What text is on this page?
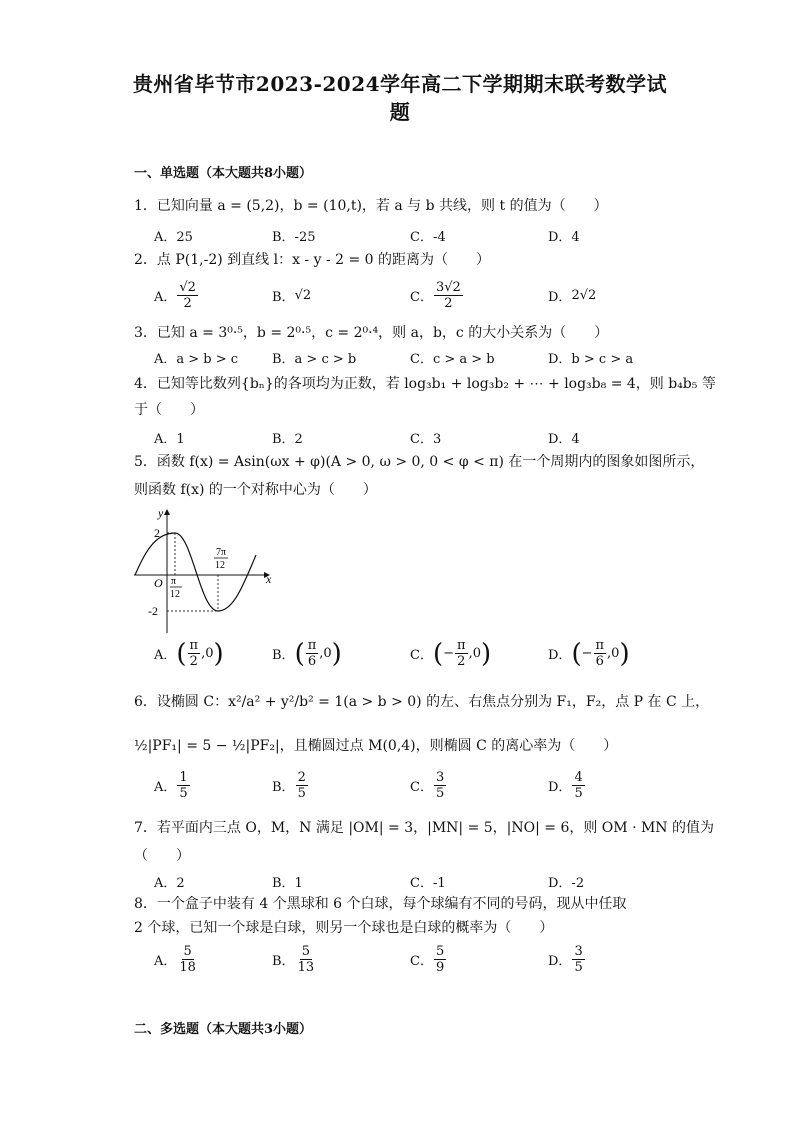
贵州省毕节市2023-2024学年高二下学期期末联考数学试
题
一、单选题（本大题共8小题）
1．已知向量 a = (5,2)，b = (10,t)，若 a 与 b 共线，则 t 的值为（　　）
A．25	B．-25	C．-4	D．4
2．点 P(1,-2) 到直线 l：x - y - 2 = 0 的距离为（　　）
A． $\frac{√2}{2}$	B． √2	C． $\frac{3√2}{2}$	D． 2√2
3．已知 a = 3⁰·⁵，b = 2⁰·⁵，c = 2⁰·⁴，则 a，b，c 的大小关系为（　　）
A．a > b > c	B．a > c > b	C．c > a > b	D．b > c > a
4．已知等比数列{bₙ}的各项均为正数，若 log₃b₁ + log₃b₂ + ⋯ + log₃b₈ = 4，则 b₄b₅ 等
于（　　）
A．1	B．2	C．3	D．4
5．函数 f(x) = Asin(ωx + φ)(A > 0, ω > 0, 0 < φ < π) 在一个周期内的图象如图所示，
则函数 f(x) 的一个对称中心为（　　）
y
x
O
2
-2
π
12
7π
12
A． ( $\frac{\pi}{2} ,0$ )	B． ( $\frac{\pi}{6} ,0$ )	C． ( − $\frac{\pi}{2} ,0$ )	D． ( − $\frac{\pi}{6} ,0$ )
6．设椭圆 C：x²/a² + y²/b² = 1(a > b > 0) 的左、右焦点分别为 F₁，F₂，点 P 在 C 上，
½|PF₁| = 5 − ½|PF₂|，且椭圆过点 M(0,4)，则椭圆 C 的离心率为（　　）
A． $\frac{1}{5}$	B． $\frac{2}{5}$	C． $\frac{3}{5}$	D． $\frac{4}{5}$
7．若平面内三点 O，M，N 满足 |OM| = 3，|MN| = 5，|NO| = 6，则 OM · MN 的值为
（　　）
A．2	B．1	C．-1	D．-2
8．一个盒子中装有 4 个黑球和 6 个白球，每个球编有不同的号码，现从中任取
2 个球，已知一个球是白球，则另一个球也是白球的概率为（　　）
A． $\frac{5}{18}$	B． $\frac{5}{13}$	C． $\frac{5}{9}$	D． $\frac{3}{5}$
二、多选题（本大题共3小题）
